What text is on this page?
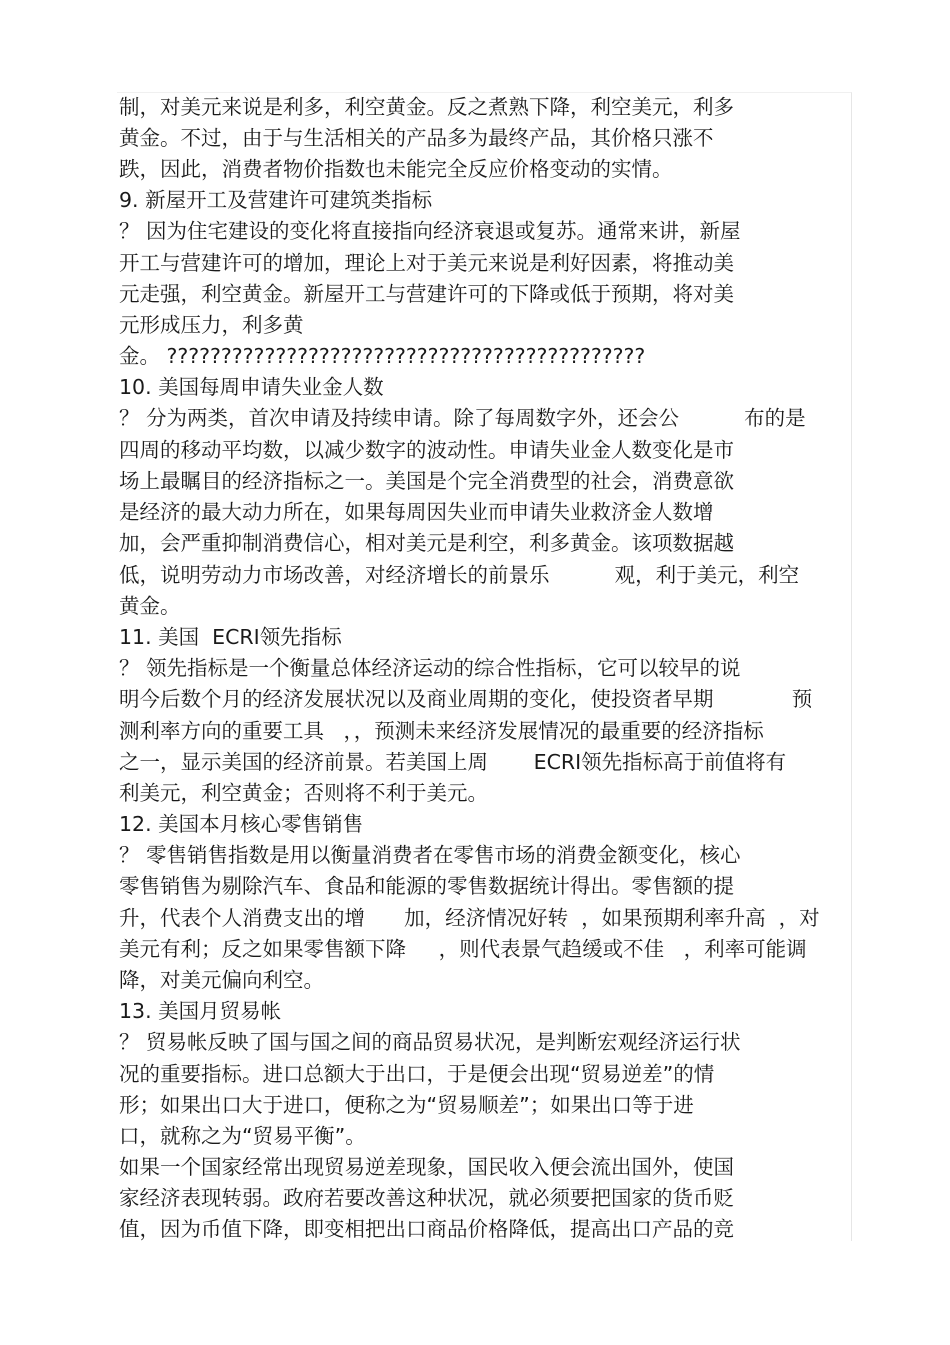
制，对美元来说是利多，利空黄金。反之煮熟下降，利空美元，利多

黄金。不过，由于与生活相关的产品多为最终产品，其价格只涨不

跌，因此，消费者物价指数也未能完全反应价格变动的实情。

9. 新屋开工及营建许可建筑类指标

？ 因为住宅建设的变化将直接指向经济衰退或复苏。通常来讲，新屋

开工与营建许可的增加，理论上对于美元来说是利好因素，将推动美

元走强，利空黄金。新屋开工与营建许可的下降或低于预期，将对美

元形成压力，利多黄

金。 ????????????????????????????????????????????

10. 美国每周申请失业金人数

？ 分为两类，首次申请及持续申请。除了每周数字外，还会公          布的是

四周的移动平均数，以减少数字的波动性。申请失业金人数变化是市

场上最瞩目的经济指标之一。美国是个完全消费型的社会，消费意欲

是经济的最大动力所在，如果每周因失业而申请失业救济金人数增

加，会严重抑制消费信心，相对美元是利空，利多黄金。该项数据越

低，说明劳动力市场改善，对经济增长的前景乐          观，利于美元，利空

黄金。

11. 美国  ECRI领先指标

？ 领先指标是一个衡量总体经济运动的综合性指标，它可以较早的说

明今后数个月的经济发展状况以及商业周期的变化，使投资者早期            预

测利率方向的重要工具   ，，预测未来经济发展情况的最重要的经济指标

之一，显示美国的经济前景。若美国上周       ECRI领先指标高于前值将有

利美元，利空黄金；否则将不利于美元。

12. 美国本月核心零售销售

？ 零售销售指数是用以衡量消费者在零售市场的消费金额变化，核心

零售销售为剔除汽车、食品和能源的零售数据统计得出。零售额的提

升，代表个人消费支出的增      加，经济情况好转  ，如果预期利率升高  ，对

美元有利；反之如果零售额下降     ，则代表景气趋缓或不佳   ，利率可能调

降，对美元偏向利空。

13. 美国月贸易帐

？ 贸易帐反映了国与国之间的商品贸易状况，是判断宏观经济运行状

况的重要指标。进口总额大于出口，于是便会出现“贸易逆差”的情

形；如果出口大于进口，便称之为“贸易顺差”；如果出口等于进

口，就称之为“贸易平衡”。

如果一个国家经常出现贸易逆差现象，国民收入便会流出国外，使国

家经济表现转弱。政府若要改善这种状况，就必须要把国家的货币贬

值，因为币值下降，即变相把出口商品价格降低，提高出口产品的竞
